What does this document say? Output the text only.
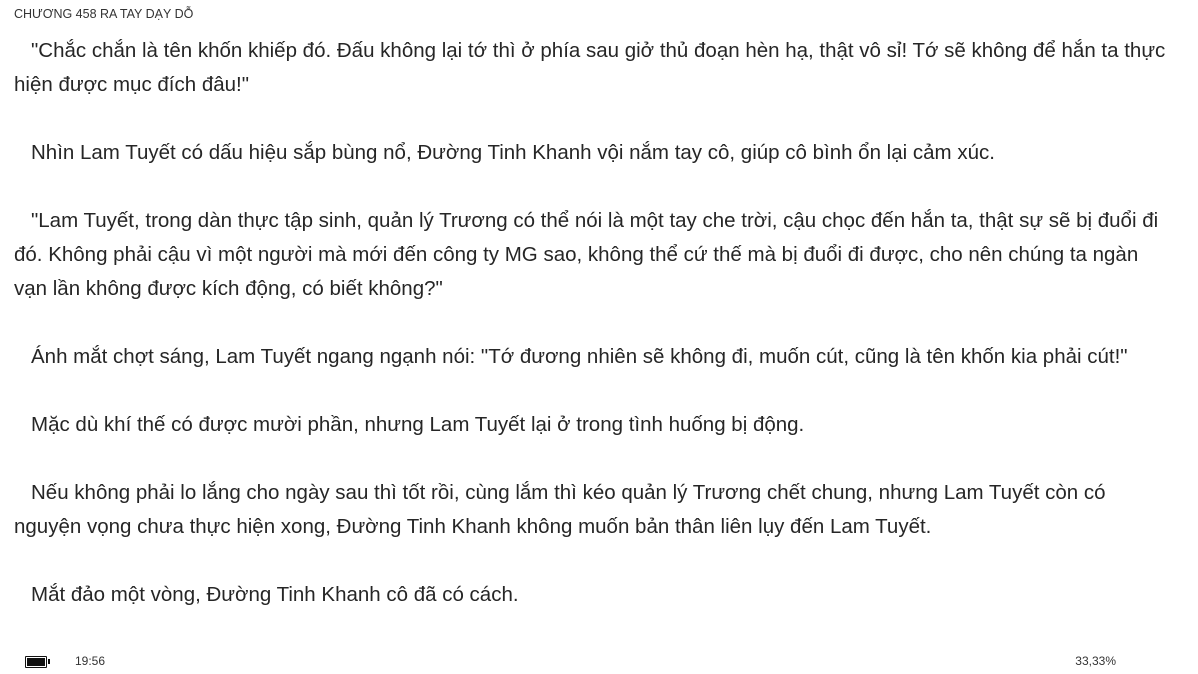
CHƯƠNG 458 RA TAY DẠY DỖ

"Chắc chắn là tên khốn khiếp đó. Đấu không lại tớ thì ở phía sau giở thủ đoạn hèn hạ, thật vô sỉ! Tớ sẽ không để hắn ta thực hiện được mục đích đâu!"

Nhìn Lam Tuyết có dấu hiệu sắp bùng nổ, Đường Tinh Khanh vội nắm tay cô, giúp cô bình ổn lại cảm xúc.

"Lam Tuyết, trong dàn thực tập sinh, quản lý Trương có thể nói là một tay che trời, cậu chọc đến hắn ta, thật sự sẽ bị đuổi đi đó. Không phải cậu vì một người mà mới đến công ty MG sao, không thể cứ thế mà bị đuổi đi được, cho nên chúng ta ngàn vạn lần không được kích động, có biết không?"

Ánh mắt chợt sáng, Lam Tuyết ngang ngạnh nói: "Tớ đương nhiên sẽ không đi, muốn cút, cũng là tên khốn kia phải cút!"

Mặc dù khí thế có được mười phần, nhưng Lam Tuyết lại ở trong tình huống bị động.

Nếu không phải lo lắng cho ngày sau thì tốt rồi, cùng lắm thì kéo quản lý Trương chết chung, nhưng Lam Tuyết còn có nguyện vọng chưa thực hiện xong, Đường Tinh Khanh không muốn bản thân liên lụy đến Lam Tuyết.

Mắt đảo một vòng, Đường Tinh Khanh cô đã có cách.

19:56	33,33%
